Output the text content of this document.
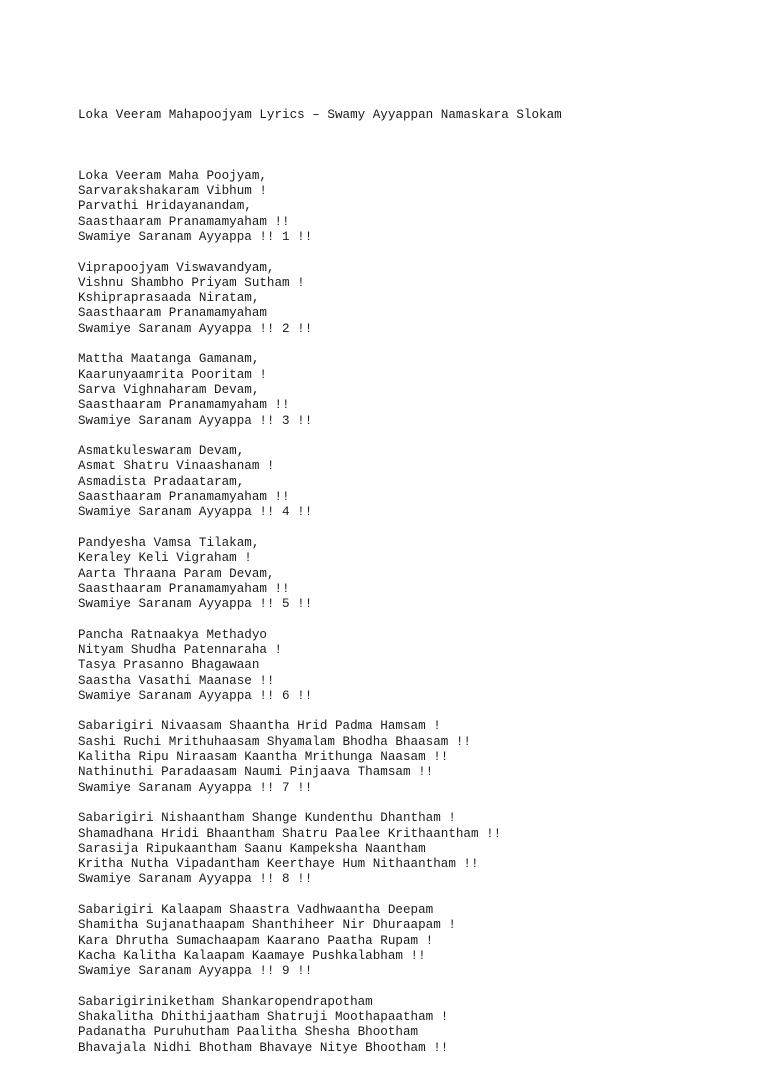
Loka Veeram Mahapoojyam Lyrics – Swamy Ayyappan Namaskara Slokam

Loka Veeram Maha Poojyam,
Sarvarakshakaram Vibhum !
Parvathi Hridayanandam,
Saasthaaram Pranamamyaham !!
Swamiye Saranam Ayyappa !! 1 !!
Viprapoojyam Viswavandyam,
Vishnu Shambho Priyam Sutham !
Kshipraprasaada Niratam,
Saasthaaram Pranamamyaham
Swamiye Saranam Ayyappa !! 2 !!
Mattha Maatanga Gamanam,
Kaarunyaamrita Pooritam !
Sarva Vighnaharam Devam,
Saasthaaram Pranamamyaham !!
Swamiye Saranam Ayyappa !! 3 !!
Asmatkuleswaram Devam,
Asmat Shatru Vinaashanam !
Asmadista Pradaataram,
Saasthaaram Pranamamyaham !!
Swamiye Saranam Ayyappa !! 4 !!
Pandyesha Vamsa Tilakam,
Keraley Keli Vigraham !
Aarta Thraana Param Devam,
Saasthaaram Pranamamyaham !!
Swamiye Saranam Ayyappa !! 5 !!
Pancha Ratnaakya Methadyo
Nityam Shudha Patennaraha !
Tasya Prasanno Bhagawaan
Saastha Vasathi Maanase !!
Swamiye Saranam Ayyappa !! 6 !!
Sabarigiri Nivaasam Shaantha Hrid Padma Hamsam !
Sashi Ruchi Mrithuhaasam Shyamalam Bhodha Bhaasam !!
Kalitha Ripu Niraasam Kaantha Mrithunga Naasam !!
Nathinuthi Paradaasam Naumi Pinjaava Thamsam !!
Swamiye Saranam Ayyappa !! 7 !!
Sabarigiri Nishaantham Shange Kundenthu Dhantham !
Shamadhana Hridi Bhaantham Shatru Paalee Krithaantham !!
Sarasija Ripukaantham Saanu Kampeksha Naantham
Kritha Nutha Vipadantham Keerthaye Hum Nithaantham !!
Swamiye Saranam Ayyappa !! 8 !!
Sabarigiri Kalaapam Shaastra Vadhwaantha Deepam
Shamitha Sujanathaapam Shanthiheer Nir Dhuraapam !
Kara Dhrutha Sumachaapam Kaarano Paatha Rupam !
Kacha Kalitha Kalaapam Kaamaye Pushkalabham !!
Swamiye Saranam Ayyappa !! 9 !!
Sabarigiriniketham Shankaropendrapotham
Shakalitha Dhithijaatham Shatruji Moothapaatham !
Padanatha Puruhutham Paalitha Shesha Bhootham
Bhavajala Nidhi Bhotham Bhavaye Nitye Bhootham !!
